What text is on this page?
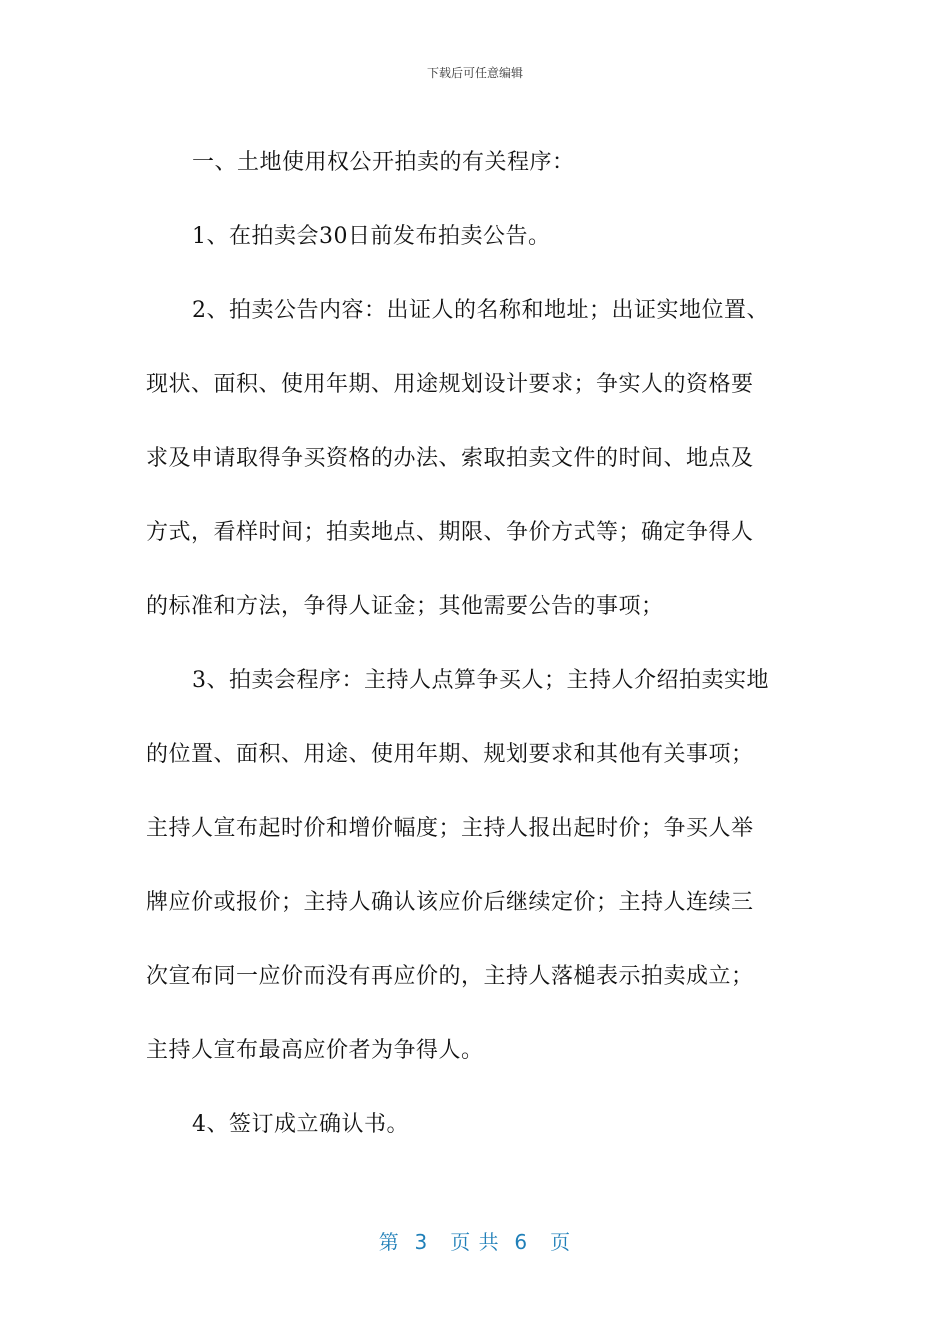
下载后可任意编辑
一、土地使用权公开拍卖的有关程序：
1、在拍卖会30日前发布拍卖公告。
2、拍卖公告内容：出证人的名称和地址；出证实地位置、
现状、面积、使用年期、用途规划设计要求；争实人的资格要
求及申请取得争买资格的办法、索取拍卖文件的时间、地点及
方式，看样时间；拍卖地点、期限、争价方式等；确定争得人
的标准和方法，争得人证金；其他需要公告的事项；
3、拍卖会程序：主持人点算争买人；主持人介绍拍卖实地
的位置、面积、用途、使用年期、规划要求和其他有关事项；
主持人宣布起时价和增价幅度；主持人报出起时价；争买人举
牌应价或报价；主持人确认该应价后继续定价；主持人连续三
次宣布同一应价而没有再应价的，主持人落槌表示拍卖成立；
主持人宣布最高应价者为争得人。
4、签订成立确认书。
第  3   页 共  6   页
